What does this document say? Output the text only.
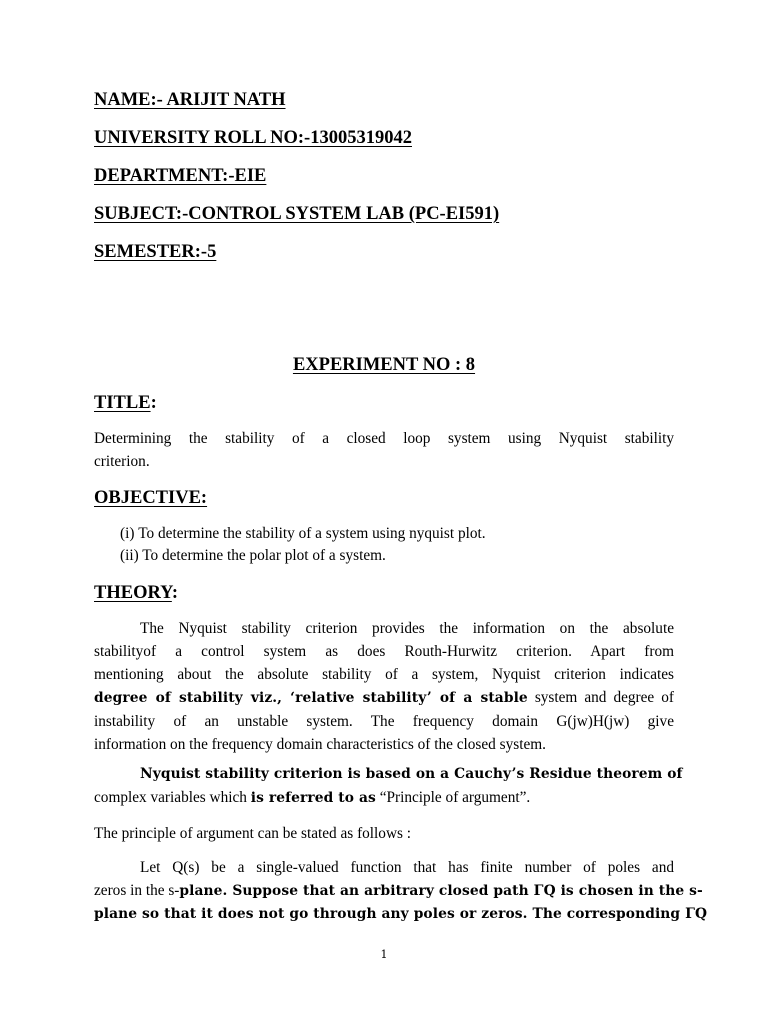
NAME:- ARIJIT NATH
UNIVERSITY ROLL NO:-13005319042
DEPARTMENT:-EIE
SUBJECT:-CONTROL SYSTEM LAB (PC-EI591)
SEMESTER:-5
EXPERIMENT NO : 8
TITLE:
Determining the stability of a closed loop system using Nyquist stability
criterion.
OBJECTIVE:
(i) To determine the stability of a system using nyquist plot.
(ii) To determine the polar plot of a system.
THEORY:
The Nyquist stability criterion provides the information on the absolute
stabilityof a control system as does Routh-Hurwitz criterion. Apart from
mentioning about the absolute stability of a system, Nyquist criterion indicates
degree of stability viz., ‘relative stability’ of a stable system and degree of
instability of an unstable system. The frequency domain G(jw)H(jw) give
information on the frequency domain characteristics of the closed system.
Nyquist stability criterion is based on a Cauchy’s Residue theorem of
complex variables which is referred to as “Principle of argument”.
The principle of argument can be stated as follows :
Let Q(s) be a single-valued function that has finite number of poles and
zeros in the s-plane. Suppose that an arbitrary closed path ΓQ is chosen in the s-
plane so that it does not go through any poles or zeros. The corresponding ΓQ
1
